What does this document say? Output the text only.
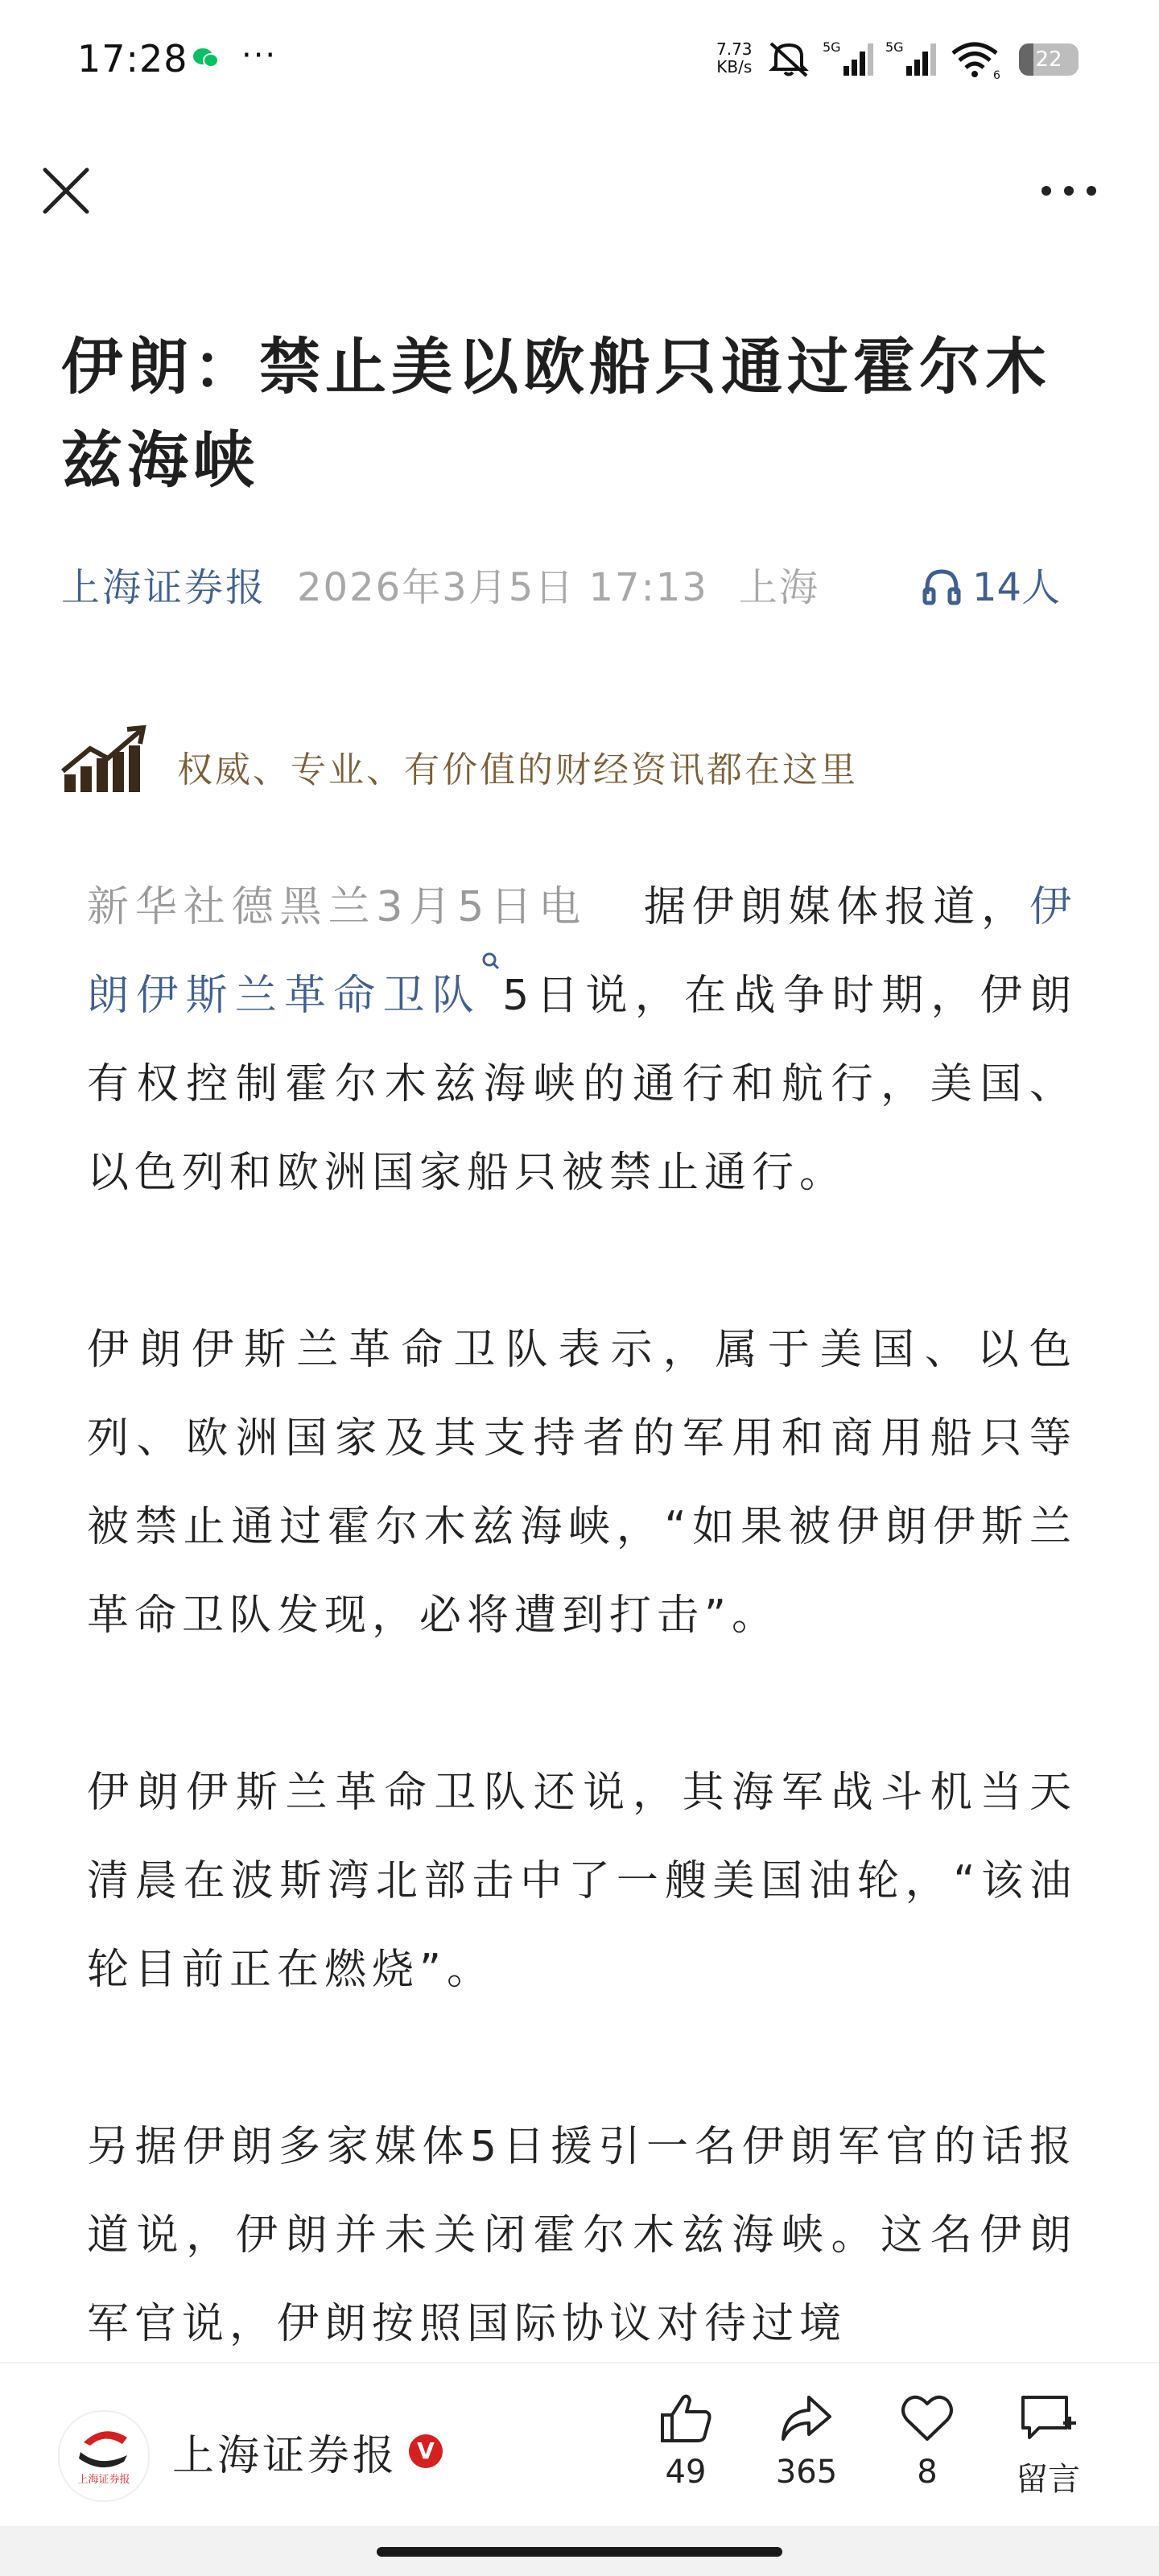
17:28 ···	7.73
KB/s
5G	5G
6
22
伊朗：禁止美以欧船只通过霍尔木兹海峡
上海证券报 2026年3月5日 17:13 上海	14人
权威、专业、有价值的财经资讯都在这里

新华社德黑兰3月5日电 据伊朗媒体报道，伊朗伊斯兰革命卫队 5日说，在战争时期，伊朗有权控制霍尔木兹海峡的通行和航行，美国、以色列和欧洲国家船只被禁止通行。

伊朗伊斯兰革命卫队表示，属于美国、以色列、欧洲国家及其支持者的军用和商用船只等被禁止通过霍尔木兹海峡，“如果被伊朗伊斯兰革命卫队发现，必将遭到打击”。

伊朗伊斯兰革命卫队还说，其海军战斗机当天清晨在波斯湾北部击中了一艘美国油轮，“该油轮目前正在燃烧”。

另据伊朗多家媒体5日援引一名伊朗军官的话报道说，伊朗并未关闭霍尔木兹海峡。这名伊朗军官说，伊朗按照国际协议对待过境

上海证券报 上海证券报 V
49	365	8	留言
